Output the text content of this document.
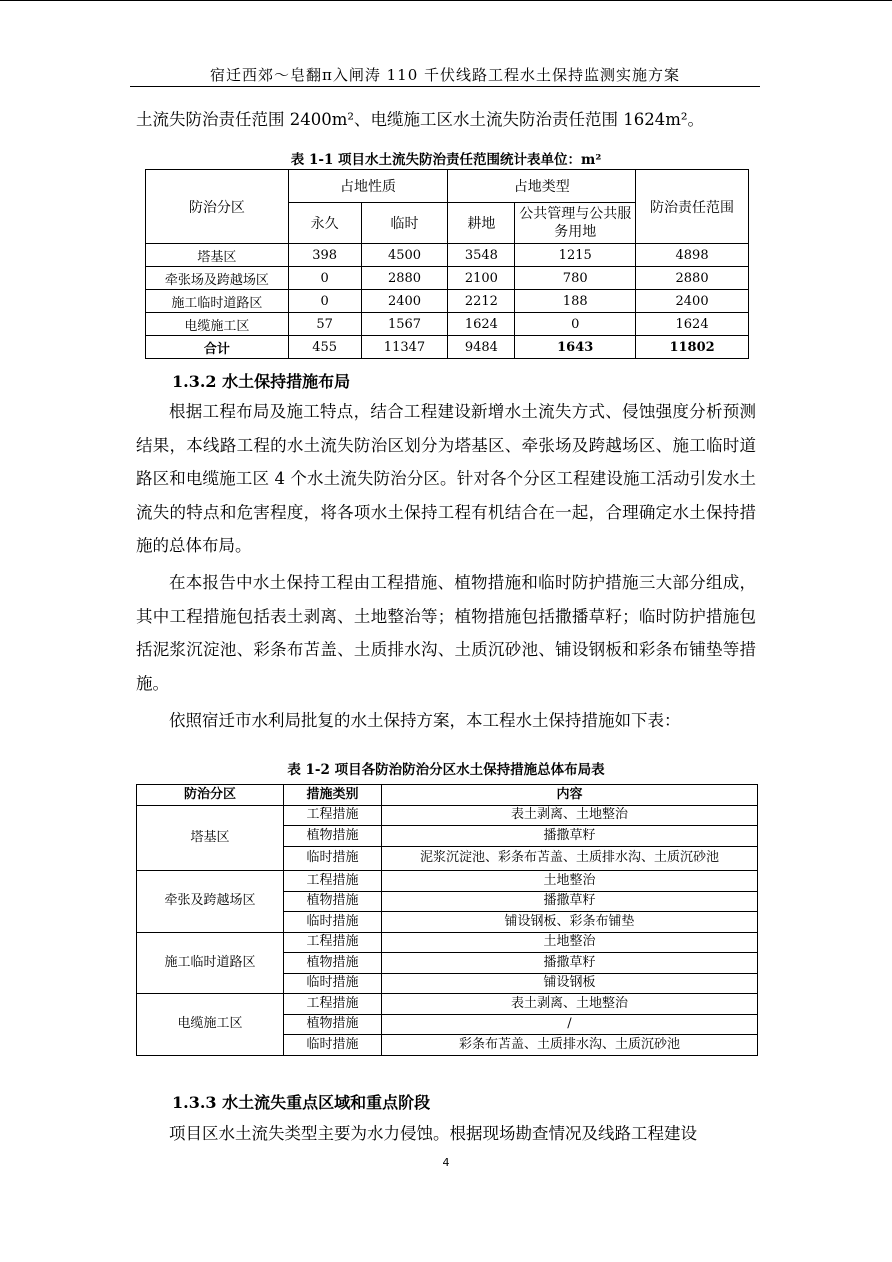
宿迁西郊～皂翻π入闸涛 110 千伏线路工程水土保持监测实施方案
土流失防治责任范围 2400m²、电缆施工区水土流失防治责任范围 1624m²。
表 1-1 项目水土流失防治责任范围统计表单位：m²
防治分区	占地性质		占地类型		防治责任范围
	永久	临时	耕地	公共管理与公共服务用地	
塔基区	398	4500	3548	1215	4898
牵张场及跨越场区	0	2880	2100	780	2880
施工临时道路区	0	2400	2212	188	2400
电缆施工区	57	1567	1624	0	1624
合计	455	11347	9484	1643	11802
1.3.2 水土保持措施布局
根据工程布局及施工特点，结合工程建设新增水土流失方式、侵蚀强度分析预测结果，本线路工程的水土流失防治区划分为塔基区、牵张场及跨越场区、施工临时道路区和电缆施工区 4 个水土流失防治分区。针对各个分区工程建设施工活动引发水土流失的特点和危害程度，将各项水土保持工程有机结合在一起，合理确定水土保持措施的总体布局。
在本报告中水土保持工程由工程措施、植物措施和临时防护措施三大部分组成，其中工程措施包括表土剥离、土地整治等；植物措施包括撒播草籽；临时防护措施包括泥浆沉淀池、彩条布苫盖、土质排水沟、土质沉砂池、铺设钢板和彩条布铺垫等措施。
依照宿迁市水利局批复的水土保持方案，本工程水土保持措施如下表：
表 1-2 项目各防治防治分区水土保持措施总体布局表
防治分区	措施类别	内容
塔基区	工程措施	表土剥离、土地整治
	植物措施	播撒草籽
	临时措施	泥浆沉淀池、彩条布苫盖、土质排水沟、土质沉砂池
牵张及跨越场区	工程措施	土地整治
	植物措施	播撒草籽
	临时措施	铺设钢板、彩条布铺垫
施工临时道路区	工程措施	土地整治
	植物措施	播撒草籽
	临时措施	铺设钢板
电缆施工区	工程措施	表土剥离、土地整治
	植物措施	/
	临时措施	彩条布苫盖、土质排水沟、土质沉砂池
1.3.3 水土流失重点区域和重点阶段
项目区水土流失类型主要为水力侵蚀。根据现场勘查情况及线路工程建设
4
